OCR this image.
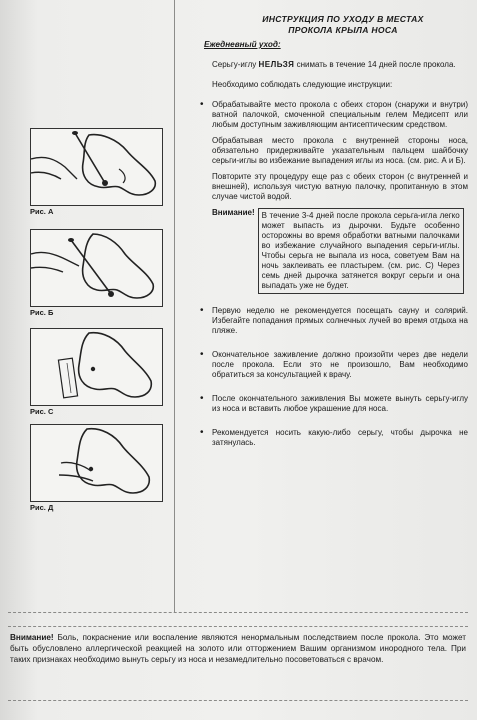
Рис. А
Рис. Б
Рис. С
Рис. Д
ИНСТРУКЦИЯ ПО УХОДУ В МЕСТАХ
ПРОКОЛА КРЫЛА НОСА
Ежедневный уход:

Серьгу-иглу НЕЛЬЗЯ снимать в течение 14 дней после прокола.

Необходимо соблюдать следующие инструкции:

• Обрабатывайте место прокола с обеих сторон (снаружи и внутри) ватной палочкой, смоченной специальным гелем Медисепт или любым доступным заживляющим антисептическим средством.

Обрабатывая место прокола с внутренней стороны носа, обязательно придерживайте указательным пальцем шайбочку серьги-иглы во избежание выпадения иглы из носа. (см. рис. А и Б).

Повторите эту процедуру еще раз с обеих сторон (с внутренней и внешней), используя чистую ватную палочку, пропитанную в этом случае чистой водой.

Внимание! В течение 3-4 дней после прокола серьга-игла легко может выпасть из дырочки. Будьте особенно осторожны во время обработки ватными палочками во избежание случайного выпадения серьги-иглы. Чтобы серьга не выпала из носа, советуем Вам на ночь заклеивать ее пластырем. (см. рис. С) Через семь дней дырочка затянется вокруг серьги и она выпадать уже не будет.

• Первую неделю не рекомендуется посещать сауну и солярий. Избегайте попадания прямых солнечных лучей во время отдыха на пляже.

• Окончательное заживление должно произойти через две недели после прокола. Если это не произошло, Вам необходимо обратиться за консультацией к врачу.

• После окончательного заживления Вы можете вынуть серьгу-иглу из носа и вставить любое украшение для носа.

• Рекомендуется носить какую-либо серьгу, чтобы дырочка не затянулась.

Внимание! Боль, покраснение или воспаление являются ненормальным последствием после прокола. Это может быть обусловлено аллергической реакцией на золото или отторжением Вашим организмом инородного тела. При таких признаках необходимо вынуть серьгу из носа и незамедлительно посоветоваться с врачом.
